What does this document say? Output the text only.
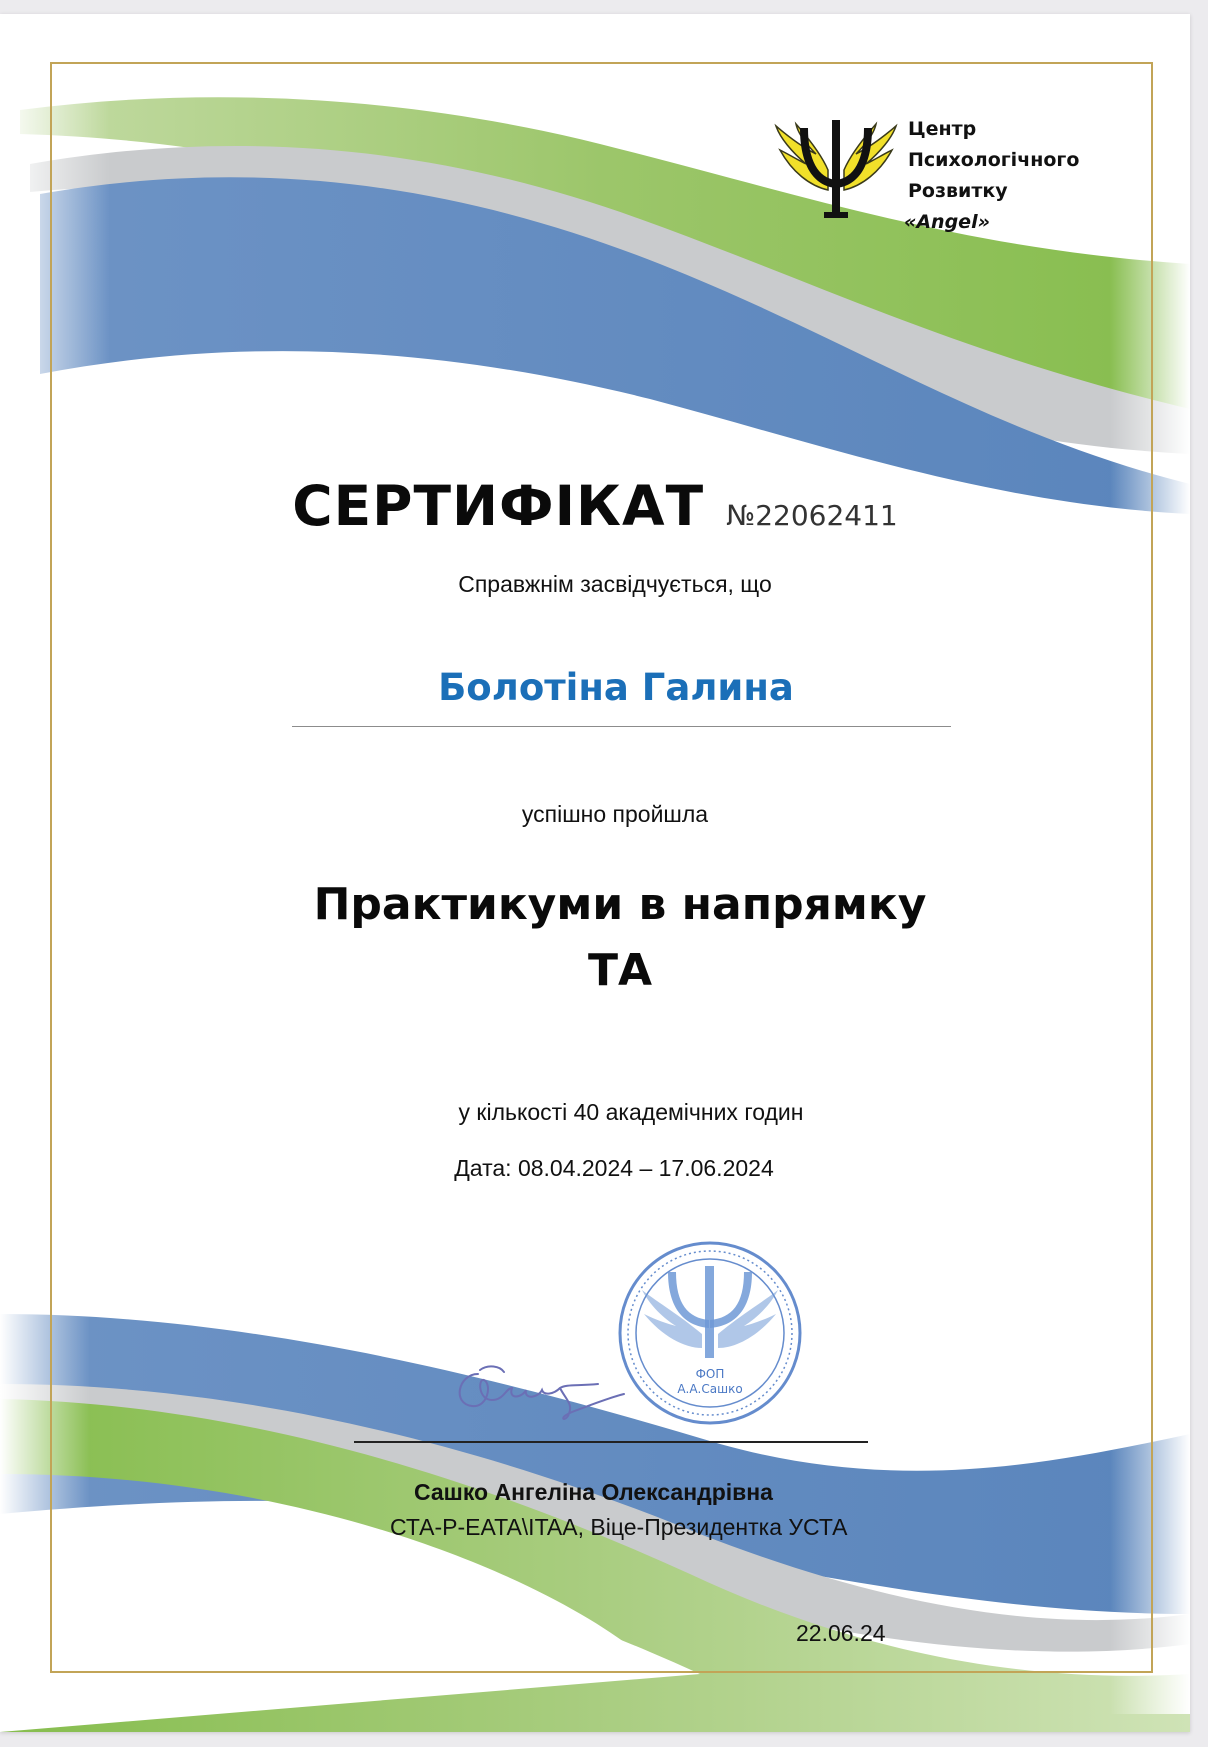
Центр
Психологічного
Розвитку
«Angel»
СЕРТИФІКАТ №22062411
Справжнім засвідчується, що
Болотіна Галина
успішно пройшла
Практикуми в напрямку
ТА
у кількості 40 академічних годин
Дата: 08.04.2024 – 17.06.2024
ФОП
А.А.Сашко
Сашко Ангеліна Олександрівна
СТА-P-EATA\ITAA, Віце-Президентка УСТА
22.06.24
